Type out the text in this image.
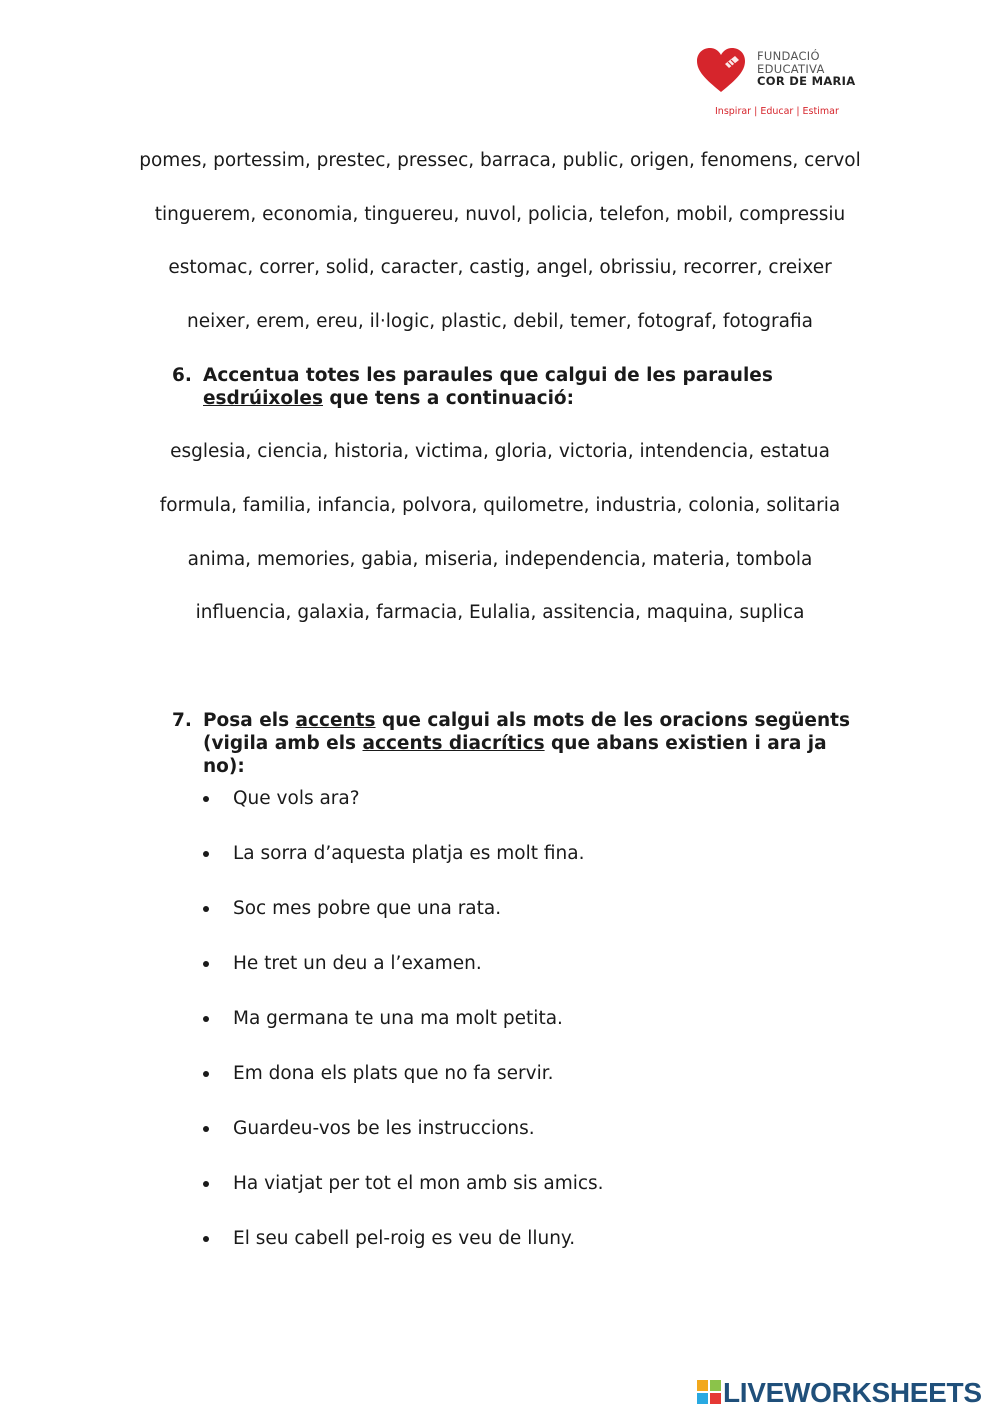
FUNDACIÓ
EDUCATIVA
COR DE MARIA
Inspirar | Educar | Estimar
pomes, portessim, prestec, pressec, barraca, public, origen, fenomens, cervol
tinguerem, economia, tinguereu, nuvol, policia, telefon, mobil, compressiu
estomac, correr, solid, caracter, castig, angel, obrissiu, recorrer, creixer
neixer, erem, ereu, il·logic, plastic, debil, temer, fotograf, fotografia
6. Accentua totes les paraules que calgui de les paraules esdrúixoles que tens a continuació:
esglesia, ciencia, historia, victima, gloria, victoria, intendencia, estatua
formula, familia, infancia, polvora, quilometre, industria, colonia, solitaria
anima, memories, gabia, miseria, independencia, materia, tombola
influencia, galaxia, farmacia, Eulalia, assitencia, maquina, suplica
7. Posa els accents que calgui als mots de les oracions següents (vigila amb els accents diacrítics que abans existien i ara ja no):
Que vols ara?
La sorra d’aquesta platja es molt fina.
Soc mes pobre que una rata.
He tret un deu a l’examen.
Ma germana te una ma molt petita.
Em dona els plats que no fa servir.
Guardeu-vos be les instruccions.
Ha viatjat per tot el mon amb sis amics.
El seu cabell pel-roig es veu de lluny.
LIVEWORKSHEETS
